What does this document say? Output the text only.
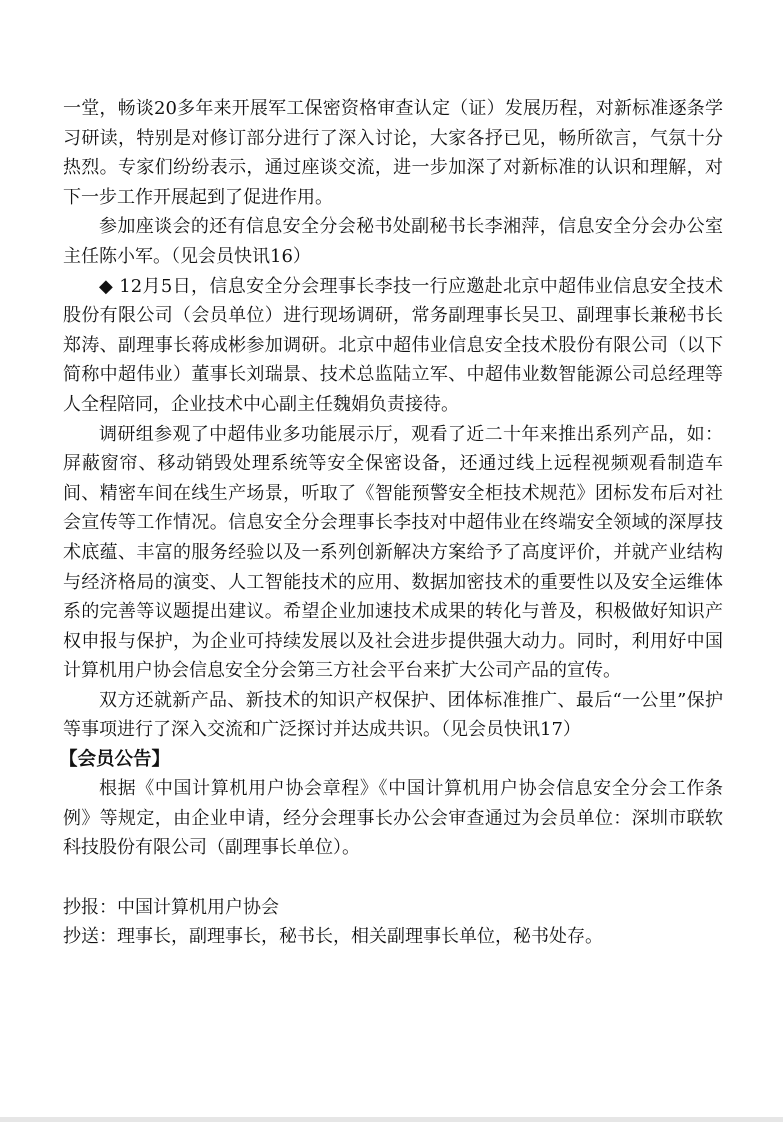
一堂，畅谈20多年来开展军工保密资格审查认定（证）发展历程，对新标准逐条学习研读，特别是对修订部分进行了深入讨论，大家各抒已见，畅所欲言，气氛十分热烈。专家们纷纷表示，通过座谈交流，进一步加深了对新标准的认识和理解，对下一步工作开展起到了促进作用。

参加座谈会的还有信息安全分会秘书处副秘书长李湘萍，信息安全分会办公室主任陈小军。（见会员快讯16）

◆ 12月5日，信息安全分会理事长李技一行应邀赴北京中超伟业信息安全技术股份有限公司（会员单位）进行现场调研，常务副理事长吴卫、副理事长兼秘书长郑涛、副理事长蒋成彬参加调研。北京中超伟业信息安全技术股份有限公司（以下简称中超伟业）董事长刘瑞景、技术总监陆立军、中超伟业数智能源公司总经理等人全程陪同，企业技术中心副主任魏娟负责接待。

调研组参观了中超伟业多功能展示厅，观看了近二十年来推出系列产品，如：屏蔽窗帘、移动销毁处理系统等安全保密设备，还通过线上远程视频观看制造车间、精密车间在线生产场景，听取了《智能预警安全柜技术规范》团标发布后对社会宣传等工作情况。信息安全分会理事长李技对中超伟业在终端安全领域的深厚技术底蕴、丰富的服务经验以及一系列创新解决方案给予了高度评价，并就产业结构与经济格局的演变、人工智能技术的应用、数据加密技术的重要性以及安全运维体系的完善等议题提出建议。希望企业加速技术成果的转化与普及，积极做好知识产权申报与保护，为企业可持续发展以及社会进步提供强大动力。同时，利用好中国计算机用户协会信息安全分会第三方社会平台来扩大公司产品的宣传。

双方还就新产品、新技术的知识产权保护、团体标准推广、最后“一公里”保护等事项进行了深入交流和广泛探讨并达成共识。（见会员快讯17）

【会员公告】

根据《中国计算机用户协会章程》《中国计算机用户协会信息安全分会工作条例》等规定，由企业申请，经分会理事长办公会审查通过为会员单位：深圳市联软科技股份有限公司（副理事长单位）。

抄报：中国计算机用户协会

抄送：理事长，副理事长，秘书长，相关副理事长单位，秘书处存。
